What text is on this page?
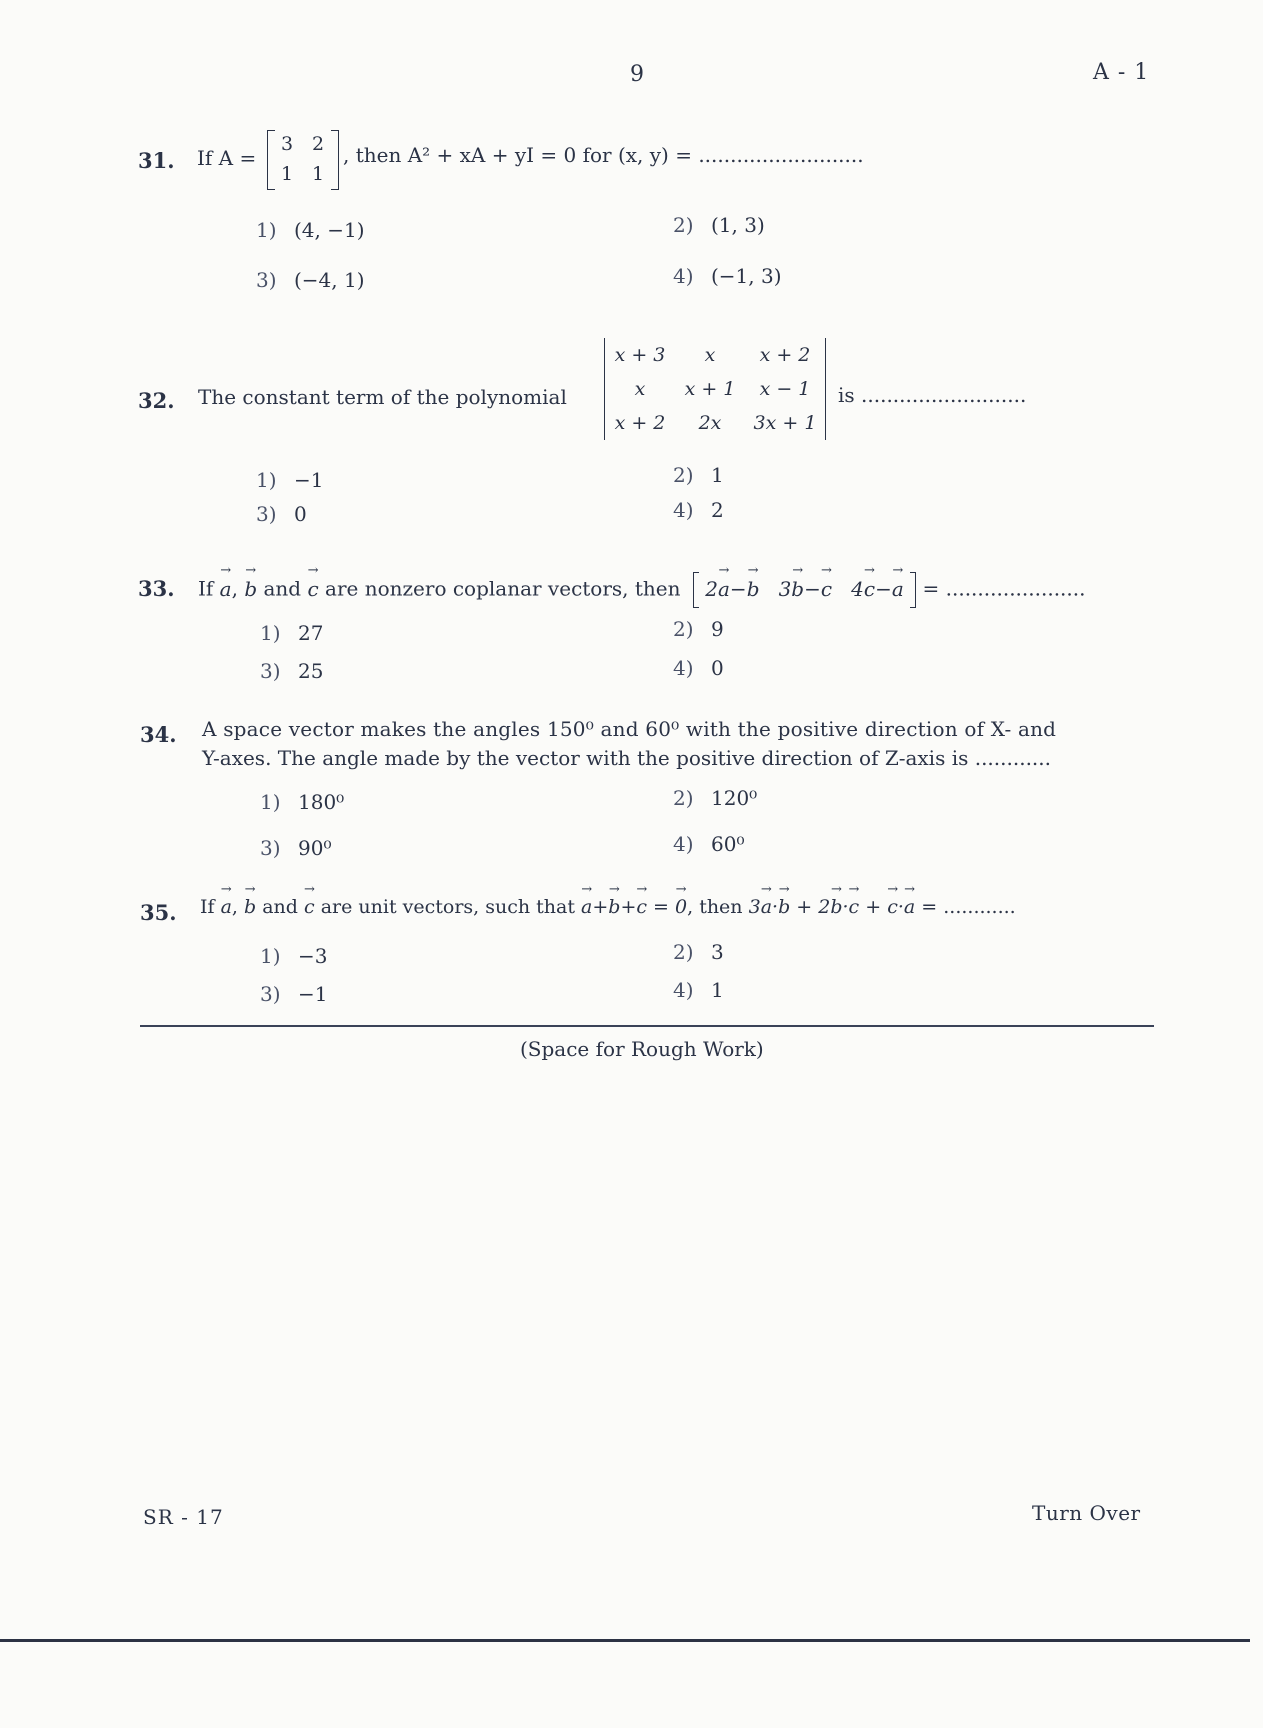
9	A - 1
31. If A =
3 2
1 1
, then A² + xA + yI = 0 for (x, y) = ..........................
1) (4, −1)	2) (1, 3)
3) (−4, 1)	4) (−1, 3)
32. The constant term of the polynomial
x + 3	x	x + 2
x	x + 1	x − 1
x + 2	2x	3x + 1
is ..........................
1) −1	2) 1
3) 0	4) 2
33. If → a, → b and → c are nonzero coplanar vectors, then 2→ a−→ b   3→ b−→ c   4→ c−→ a = ......................
1) 27	2) 9
3) 25	4) 0
34. A space vector makes the angles 150⁰ and 60⁰ with the positive direction of X- and
Y-axes. The angle made by the vector with the positive direction of Z-axis is ............
1) 180⁰	2) 120⁰
3) 90⁰	4) 60⁰
35. If → a, → b and → c are unit vectors, such that → a+→ b+→ c = → 0, then 3→ a·→ b + 2→ b·→ c + → c·→ a = ............
1) −3	2) 3
3) −1	4) 1
(Space for Rough Work)
SR - 17	Turn Over
